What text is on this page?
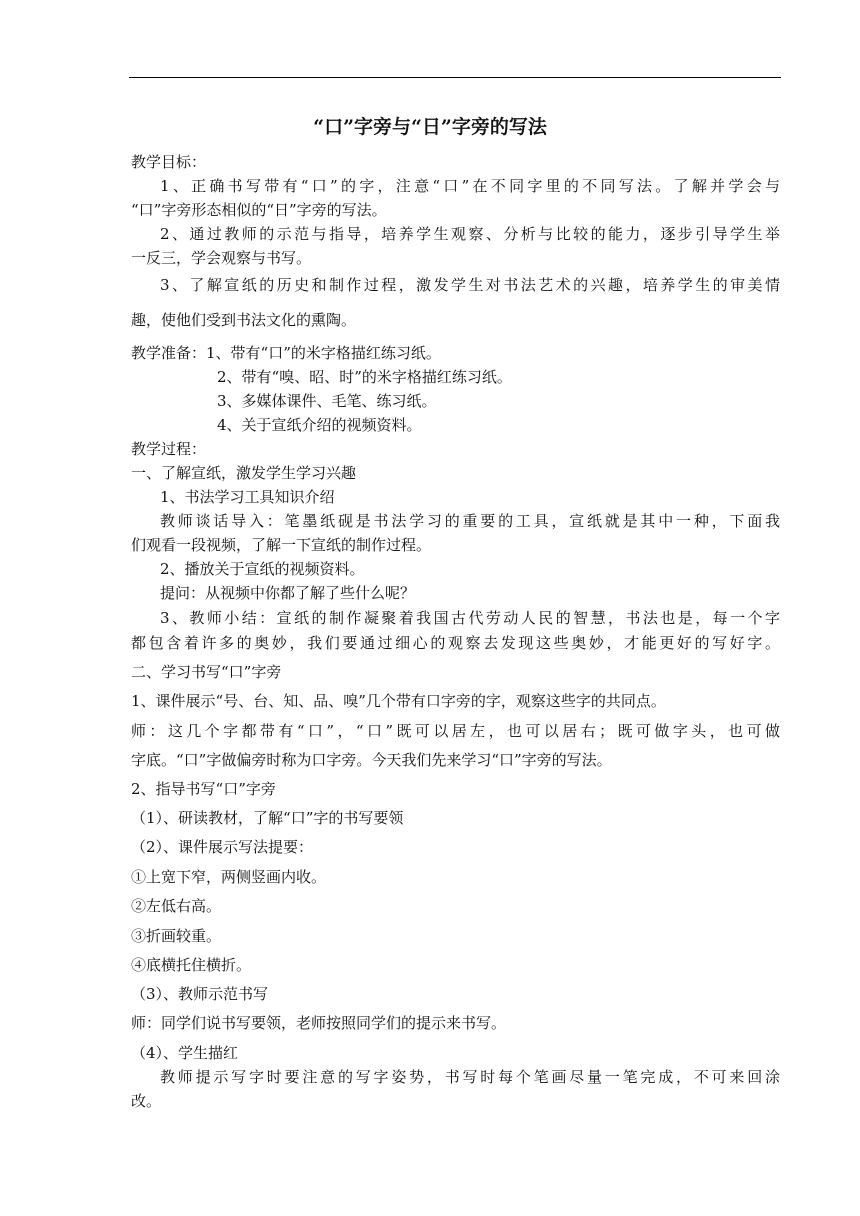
“口”字旁与“日”字旁的写法
教学目标：
1、正确书写带有“口”的字，注意“口”在不同字里的不同写法。了解并学会与
“口”字旁形态相似的“日”字旁的写法。
2、通过教师的示范与指导，培养学生观察、分析与比较的能力，逐步引导学生举
一反三，学会观察与书写。
3、了解宣纸的历史和制作过程，激发学生对书法艺术的兴趣，培养学生的审美情
趣，使他们受到书法文化的熏陶。
教学准备：1、带有“口”的米字格描红练习纸。
2、带有“嗅、昭、时”的米字格描红练习纸。
3、多媒体课件、毛笔、练习纸。
4、关于宣纸介绍的视频资料。
教学过程：
一、了解宣纸，激发学生学习兴趣
1、书法学习工具知识介绍
教师谈话导入：笔墨纸砚是书法学习的重要的工具，宣纸就是其中一种，下面我
们观看一段视频，了解一下宣纸的制作过程。
2、播放关于宣纸的视频资料。
提问：从视频中你都了解了些什么呢？
3、教师小结：宣纸的制作凝聚着我国古代劳动人民的智慧，书法也是，每一个字
都包含着许多的奥妙，我们要通过细心的观察去发现这些奥妙，才能更好的写好字。
二、学习书写“口”字旁
1、课件展示“号、台、知、品、嗅”几个带有口字旁的字，观察这些字的共同点。
师：这几个字都带有“口”，“口”既可以居左，也可以居右；既可做字头，也可做
字底。“口”字做偏旁时称为口字旁。今天我们先来学习“口”字旁的写法。
2、指导书写“口”字旁
（1）、研读教材，了解“口”字的书写要领
（2）、课件展示写法提要：
①上宽下窄，两侧竖画内收。
②左低右高。
③折画较重。
④底横托住横折。
（3）、教师示范书写
师：同学们说书写要领，老师按照同学们的提示来书写。
（4）、学生描红
教师提示写字时要注意的写字姿势，书写时每个笔画尽量一笔完成，不可来回涂
改。
